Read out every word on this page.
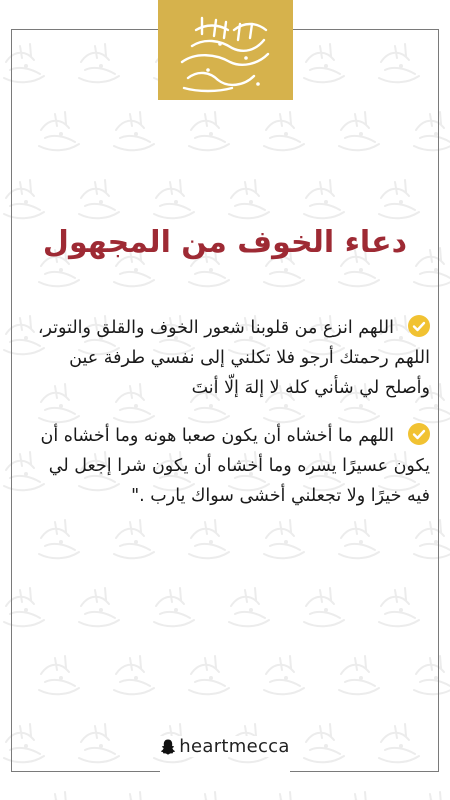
دعاء الخوف من المجهول

اللهم انزع من قلوبنا شعور الخوف والقلق والتوتر، اللهم رحمتك أرجو فلا تكلني إلى نفسي طرفة عين وأصلح لي شأني كله لا إلهَ إلّا أنتَ

اللهم ما أخشاه أن يكون صعبا هونه وما أخشاه أن يكون عسيرًا يسره وما أخشاه أن يكون شرا إجعل لي فيه خيرًا ولا تجعلني أخشى سواك يارب ."

heartmecca
